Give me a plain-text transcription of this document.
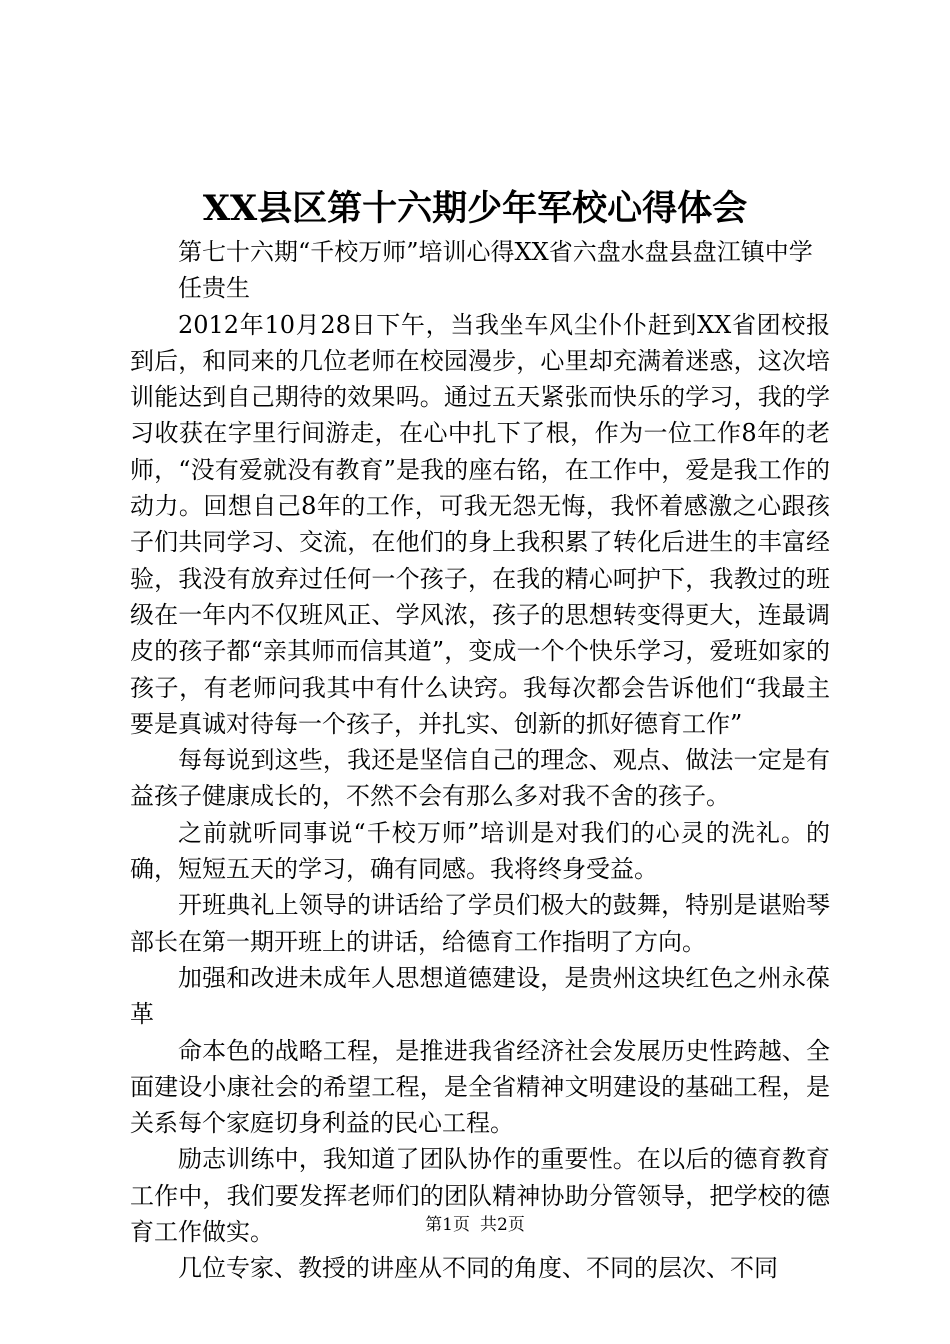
XX县区第十六期少年军校心得体会

第七十六期“千校万师”培训心得XX省六盘水盘县盘江镇中学

任贵生

2012年10月28日下午，当我坐车风尘仆仆赶到XX省团校报到后，和同来的几位老师在校园漫步，心里却充满着迷惑，这次培训能达到自己期待的效果吗。通过五天紧张而快乐的学习，我的学习收获在字里行间游走，在心中扎下了根，作为一位工作8年的老师，“没有爱就没有教育”是我的座右铭，在工作中，爱是我工作的动力。回想自己8年的工作，可我无怨无悔，我怀着感激之心跟孩子们共同学习、交流，在他们的身上我积累了转化后进生的丰富经验，我没有放弃过任何一个孩子，在我的精心呵护下，我教过的班级在一年内不仅班风正、学风浓，孩子的思想转变得更大，连最调皮的孩子都“亲其师而信其道”，变成一个个快乐学习，爱班如家的孩子，有老师问我其中有什么诀窍。我每次都会告诉他们“我最主要是真诚对待每一个孩子，并扎实、创新的抓好德育工作”

每每说到这些，我还是坚信自己的理念、观点、做法一定是有益孩子健康成长的，不然不会有那么多对我不舍的孩子。

之前就听同事说“千校万师”培训是对我们的心灵的洗礼。的确，短短五天的学习，确有同感。我将终身受益。

开班典礼上领导的讲话给了学员们极大的鼓舞，特别是谌贻琴部长在第一期开班上的讲话，给德育工作指明了方向。

加强和改进未成年人思想道德建设，是贵州这块红色之州永葆革

命本色的战略工程，是推进我省经济社会发展历史性跨越、全面建设小康社会的希望工程，是全省精神文明建设的基础工程，是关系每个家庭切身利益的民心工程。

励志训练中，我知道了团队协作的重要性。在以后的德育教育工作中，我们要发挥老师们的团队精神协助分管领导，把学校的德育工作做实。

几位专家、教授的讲座从不同的角度、不同的层次、不同

第1页 共2页
